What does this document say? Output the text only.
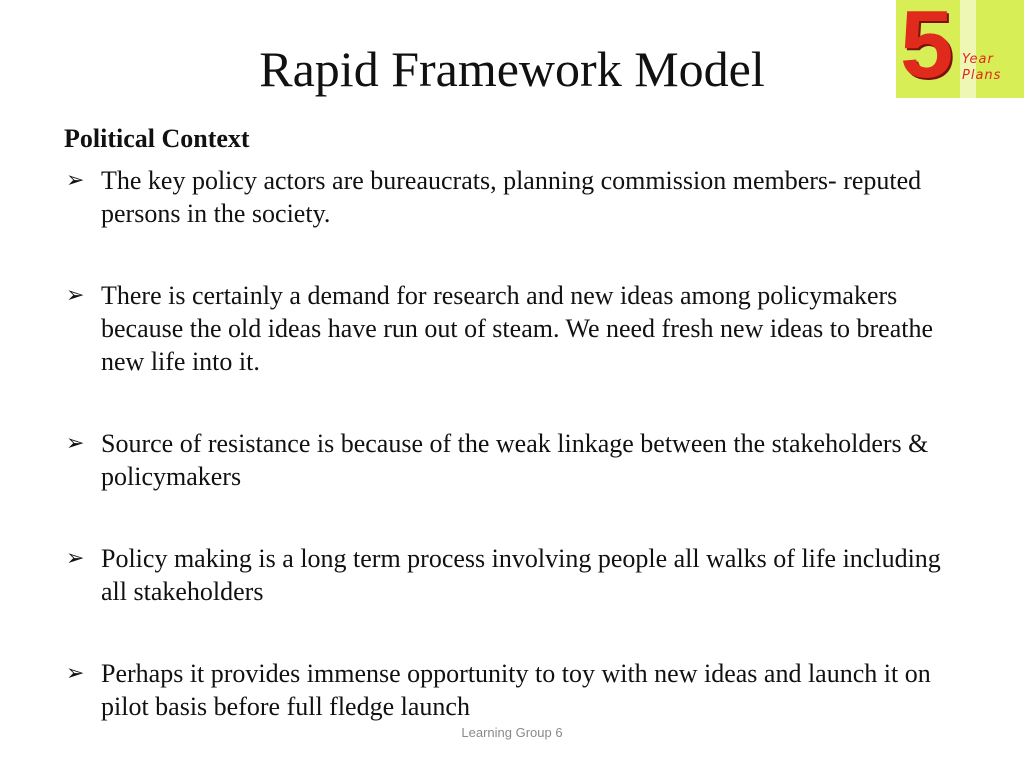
Rapid Framework Model	5 Year
Plans
Political Context
➢ The key policy actors are bureaucrats, planning commission members- reputed persons in the society.
➢ There is certainly a demand for research and new ideas among policymakers because the old ideas have run out of steam. We need fresh new ideas to breathe new life into it.
➢ Source of resistance is because of the weak linkage between the stakeholders & policymakers
➢ Policy making is a long term process involving people all walks of life including all stakeholders
➢ Perhaps it provides immense opportunity to toy with new ideas and launch it on pilot basis before full fledge launch
Learning Group 6
